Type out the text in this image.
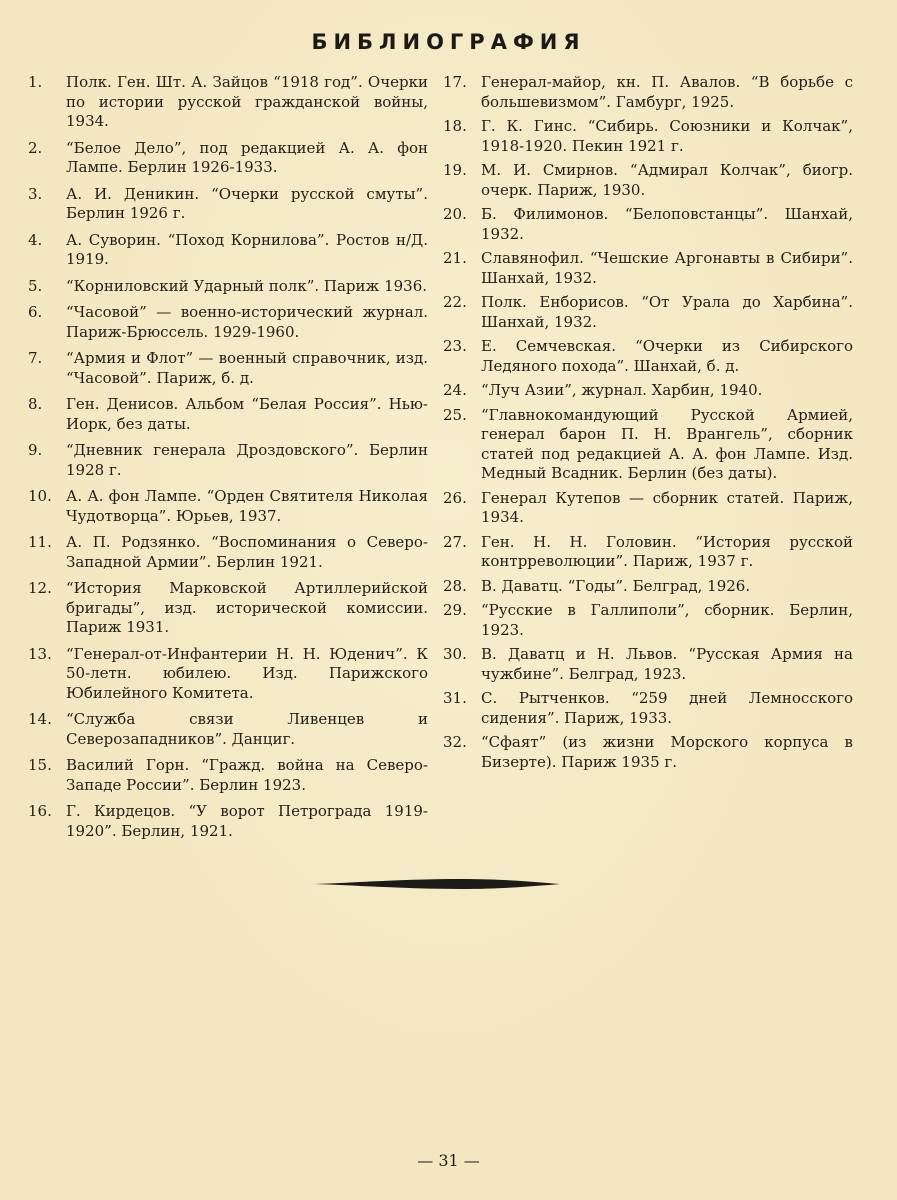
БИБЛИОГРАФИЯ
1.	Полк. Ген. Шт. А. Зайцов “1918 год”. Очерки по истории русской гражданской войны, 1934.
2.	“Белое Дело”, под редакцией А. А. фон Лампе. Берлин 1926-1933.
3.	А. И. Деникин. “Очерки русской смуты”. Берлин 1926 г.
4.	А. Суворин. “Поход Корнилова”. Ростов н/Д. 1919.
5.	“Корниловский Ударный полк”. Париж 1936.
6.	“Часовой” — военно-исторический журнал. Париж-Брюссель. 1929-1960.
7.	“Армия и Флот” — военный справочник, изд. “Часовой”. Париж, б. д.
8.	Ген. Денисов. Альбом “Белая Россия”. Нью-Иорк, без даты.
9.	“Дневник генерала Дроздовского”. Берлин 1928 г.
10. А. А. фон Лампе. “Орден Святителя Николая Чудотворца”. Юрьев, 1937.
11. А. П. Родзянко. “Воспоминания о Северо-Западной Армии”. Берлин 1921.
12. “История Марковской Артиллерийской бригады”, изд. исторической комиссии. Париж 1931.
13. “Генерал-от-Инфантерии Н. Н. Юденич”. К 50-летн. юбилею. Изд. Парижского Юбилейного Комитета.
14. “Служба связи Ливенцев и Северозападников”. Данциг.
15. Василий Горн. “Гражд. война на Северо-Западе России”. Берлин 1923.
16. Г. Кирдецов. “У ворот Петрограда 1919-1920”. Берлин, 1921.
17. Генерал-майор, кн. П. Авалов. “В борьбе с большевизмом”. Гамбург, 1925.
18. Г. К. Гинс. “Сибирь. Союзники и Колчак”, 1918-1920. Пекин 1921 г.
19. М. И. Смирнов. “Адмирал Колчак”, биогр. очерк. Париж, 1930.
20. Б. Филимонов. “Белоповстанцы”. Шанхай, 1932.
21. Славянофил. “Чешские Аргонавты в Сибири”. Шанхай, 1932.
22. Полк. Енборисов. “От Урала до Харбина”. Шанхай, 1932.
23. Е. Семчевская. “Очерки из Сибирского Ледяного похода”. Шанхай, б. д.
24. “Луч Азии”, журнал. Харбин, 1940.
25. “Главнокомандующий Русской Армией, генерал барон П. Н. Врангель”, сборник статей под редакцией А. А. фон Лампе. Изд. Медный Всадник. Берлин (без даты).
26. Генерал Кутепов — сборник статей. Париж, 1934.
27. Ген. Н. Н. Головин. “История русской контрреволюции”. Париж, 1937 г.
28. В. Даватц. “Годы”. Белград, 1926.
29. “Русские в Галлиполи”, сборник. Берлин, 1923.
30. В. Даватц и Н. Львов. “Русская Армия на чужбине”. Белград, 1923.
31. С. Рытченков. “259 дней Лемносского сидения”. Париж, 1933.
32. “Сфаят” (из жизни Морского корпуса в Бизерте). Париж 1935 г.
— 31 —
